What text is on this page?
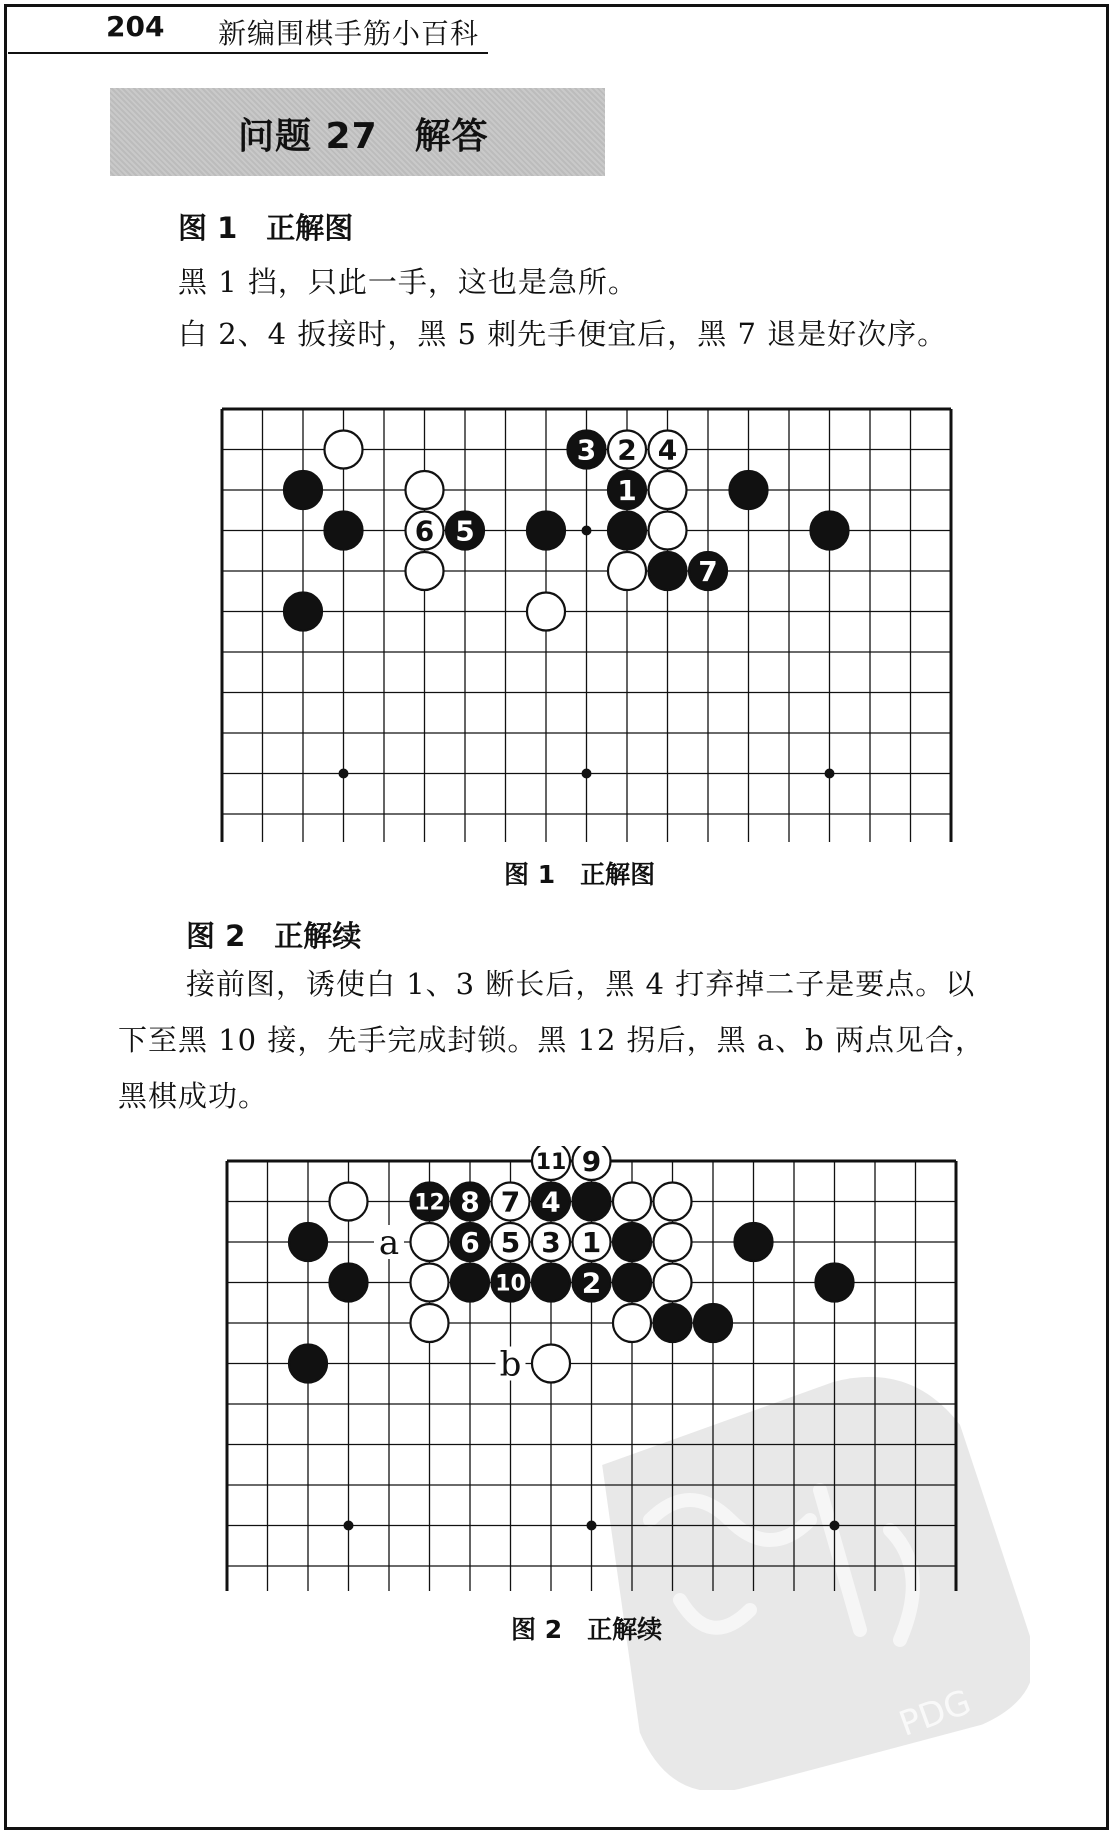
204 新编围棋手筋小百科
问题 27　解答
图 1　正解图
黑 1 挡，只此一手，这也是急所。
白 2、4 扳接时，黑 5 刺先手便宜后，黑 7 退是好次序。
6 5
3 2 4
1
7
图 1　正解图
图 2　正解续
接前图，诱使白 1、3 断长后，黑 4 打弃掉二子是要点。以
下至黑 10 接，先手完成封锁。黑 12 拐后，黑 a、b 两点见合，
黑棋成功。
PDG
11 9
12 8 7 4
6 5 3 1
10 2
a
b
图 2　正解续
